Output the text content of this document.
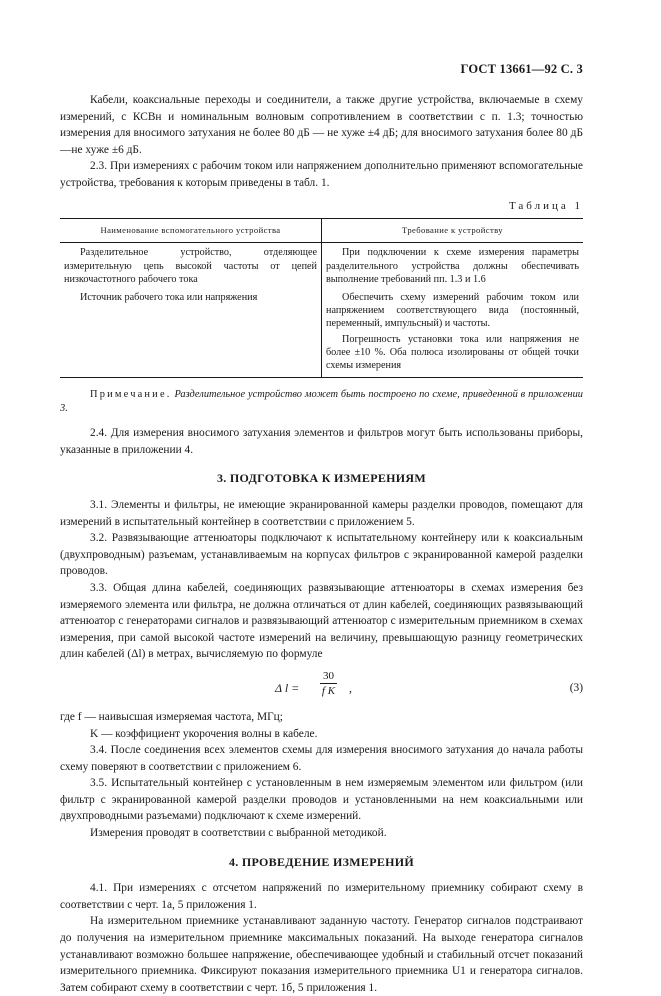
ГОСТ 13661—92 С. 3

Кабели, коаксиальные переходы и соединители, а также другие устройства, включаемые в схему измерений, с КСВн и номинальным волновым сопротивлением в соответствии с п. 1.3; точностью измерения для вносимого затухания не более 80 дБ — не хуже ±4 дБ; для вносимого затухания более 80 дБ —не хуже ±6 дБ.

2.3. При измерениях с рабочим током или напряжением дополнительно применяют вспомогательные устройства, требования к которым приведены в табл. 1.

Таблица 1
Наименование вспомогательного устройства	Требование к устройству

Разделительное устройство, отделяющее измерительную цепь высокой частоты от цепей низкочастотного рабочего тока	При подключении к схеме измерения параметры разделительного устройства должны обеспечивать выполнение требований пп. 1.3 и 1.6

Источник рабочего тока или напряжения	Обеспечить схему измерений рабочим током или напряжением соответствующего вида (постоянный, переменный, импульсный) и частоты.

Погрешность установки тока или напряжения не более ±10 %. Оба полюса изолированы от общей точки схемы измерения

Примечание. Разделительное устройство может быть построено по схеме, приведенной в приложении 3.

2.4. Для измерения вносимого затухания элементов и фильтров могут быть использованы приборы, указанные в приложении 4.

3. ПОДГОТОВКА К ИЗМЕРЕНИЯМ

3.1. Элементы и фильтры, не имеющие экранированной камеры разделки проводов, помещают для измерений в испытательный контейнер в соответствии с приложением 5.

3.2. Развязывающие аттенюаторы подключают к испытательному контейнеру или к коаксиальным (двухпроводным) разъемам, устанавливаемым на корпусах фильтров с экранированной камерой разделки проводов.

3.3. Общая длина кабелей, соединяющих развязывающие аттенюаторы в схемах измерения без измеряемого элемента или фильтра, не должна отличаться от длин кабелей, соединяющих развязывающий аттенюатор с генераторами сигналов и развязывающий аттенюатор с измерительным приемником в схемах измерения, при самой высокой частоте измерений на величину, превышающую разницу геометрических длин кабелей (Δl) в метрах, вычисляемую по формуле

Δ $l = \frac{30}{\text{f K}}$ ,	(3)

где f — наивысшая измеряемая частота, МГц;

K — коэффициент укорочения волны в кабеле.

3.4. После соединения всех элементов схемы для измерения вносимого затухания до начала работы схему поверяют в соответствии с приложением 6.

3.5. Испытательный контейнер с установленным в нем измеряемым элементом или фильтром (или фильтр с экранированной камерой разделки проводов и установленными на нем коаксиальными или двухпроводными разъемами) подключают к схеме измерений.

Измерения проводят в соответствии с выбранной методикой.

4. ПРОВЕДЕНИЕ ИЗМЕРЕНИЙ

4.1. При измерениях с отсчетом напряжений по измерительному приемнику собирают схему в соответствии с черт. 1а, 5 приложения 1.

На измерительном приемнике устанавливают заданную частоту. Генератор сигналов подстраивают до получения на измерительном приемнике максимальных показаний. На выходе генератора сигналов устанавливают возможно большее напряжение, обеспечивающее удобный и стабильный отсчет показаний измерительного приемника. Фиксируют показания измерительного приемника U1 и генератора сигналов. Затем собирают схему в соответствии с черт. 1б, 5 приложения 1.
